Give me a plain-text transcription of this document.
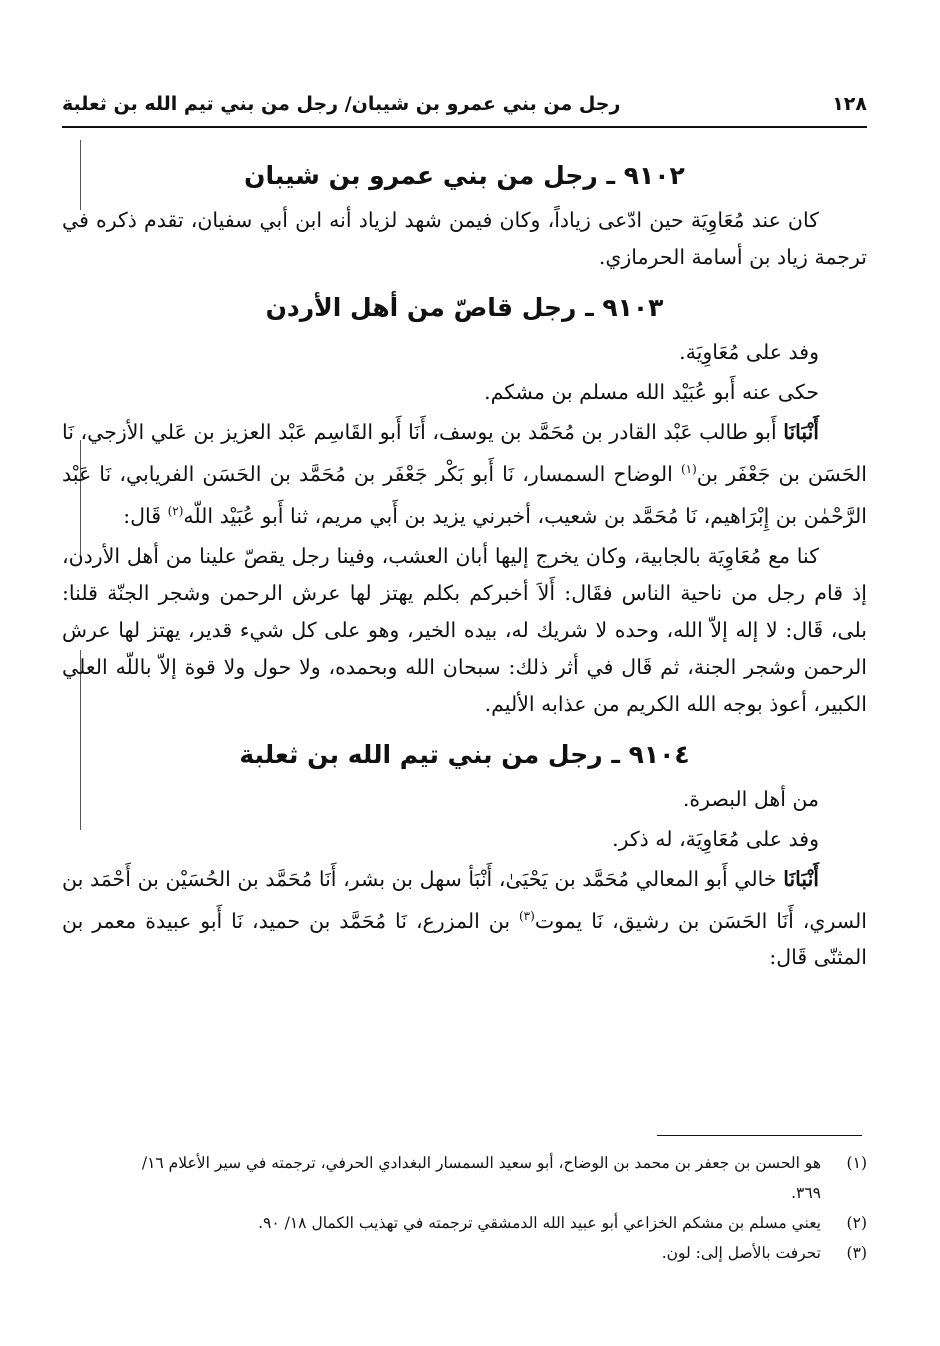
١٢٨
رجل من بني عمرو بن شيبان/ رجل من بني تيم الله بن ثعلبة
٩١٠٢ ـ رجل من بني عمرو بن شيبان

كان عند مُعَاوِيَة حين ادّعى زياداً، وكان فيمن شهد لزياد أنه ابن أبي سفيان، تقدم ذكره في ترجمة زياد بن أسامة الحرمازي.

٩١٠٣ ـ رجل قاصّ من أهل الأردن

وفد على مُعَاوِيَة.

حكى عنه أَبو عُبَيْد الله مسلم بن مشكم.

أَنْبَانَا أَبو طالب عَبْد القادر بن مُحَمَّد بن يوسف، أَنَا أَبو القَاسِم عَبْد العزيز بن عَلي الأزجي، نَا الحَسَن بن جَعْفَر بن$^{(١)}$ الوضاح السمسار، نَا أَبو بَكْر جَعْفَر بن مُحَمَّد بن الحَسَن الفريابي، نَا عَبْد الرَّحْمٰن بن إِبْرَاهيم، نَا مُحَمَّد بن شعيب، أخبرني يزيد بن أَبي مريم، ثنا أَبو عُبَيْد اللّه$^{(٢)}$ قَال:

كنا مع مُعَاوِيَة بالجابية، وكان يخرج إليها أبان العشب، وفينا رجل يقصّ علينا من أهل الأردن، إذ قام رجل من ناحية الناس فقَال: أَلاَ أخبركم بكلم يهتز لها عرش الرحمن وشجر الجنّة قلنا: بلى، قَال: لا إله إلاّ الله، وحده لا شريك له، بيده الخير، وهو على كل شيء قدير، يهتز لها عرش الرحمن وشجر الجنة، ثم قَال في أثر ذلك: سبحان الله وبحمده، ولا حول ولا قوة إلاّ باللّه العلي الكبير، أعوذ بوجه الله الكريم من عذابه الأليم.

٩١٠٤ ـ رجل من بني تيم الله بن ثعلبة

من أهل البصرة.

وفد على مُعَاوِيَة، له ذكر.

أَنْبَانَا خالي أَبو المعالي مُحَمَّد بن يَحْيَىٰ، أَنْبَأ سهل بن بشر، أَنَا مُحَمَّد بن الحُسَيْن بن أَحْمَد بن السري، أَنَا الحَسَن بن رشيق، نَا يموت$^{(٣)}$ بن المزرع، نَا مُحَمَّد بن حميد، نَا أَبو عبيدة معمر بن المثنّى قَال:

(١)
هو الحسن بن جعفر بن محمد بن الوضاح، أبو سعيد السمسار البغدادي الحرفي، ترجمته في سير الأعلام ١٦/
٣٦٩.
(٢)
يعني مسلم بن مشكم الخزاعي أبو عبيد الله الدمشقي ترجمته في تهذيب الكمال ١٨/ ٩٠.
(٣)
تحرفت بالأصل إلى: لون.
